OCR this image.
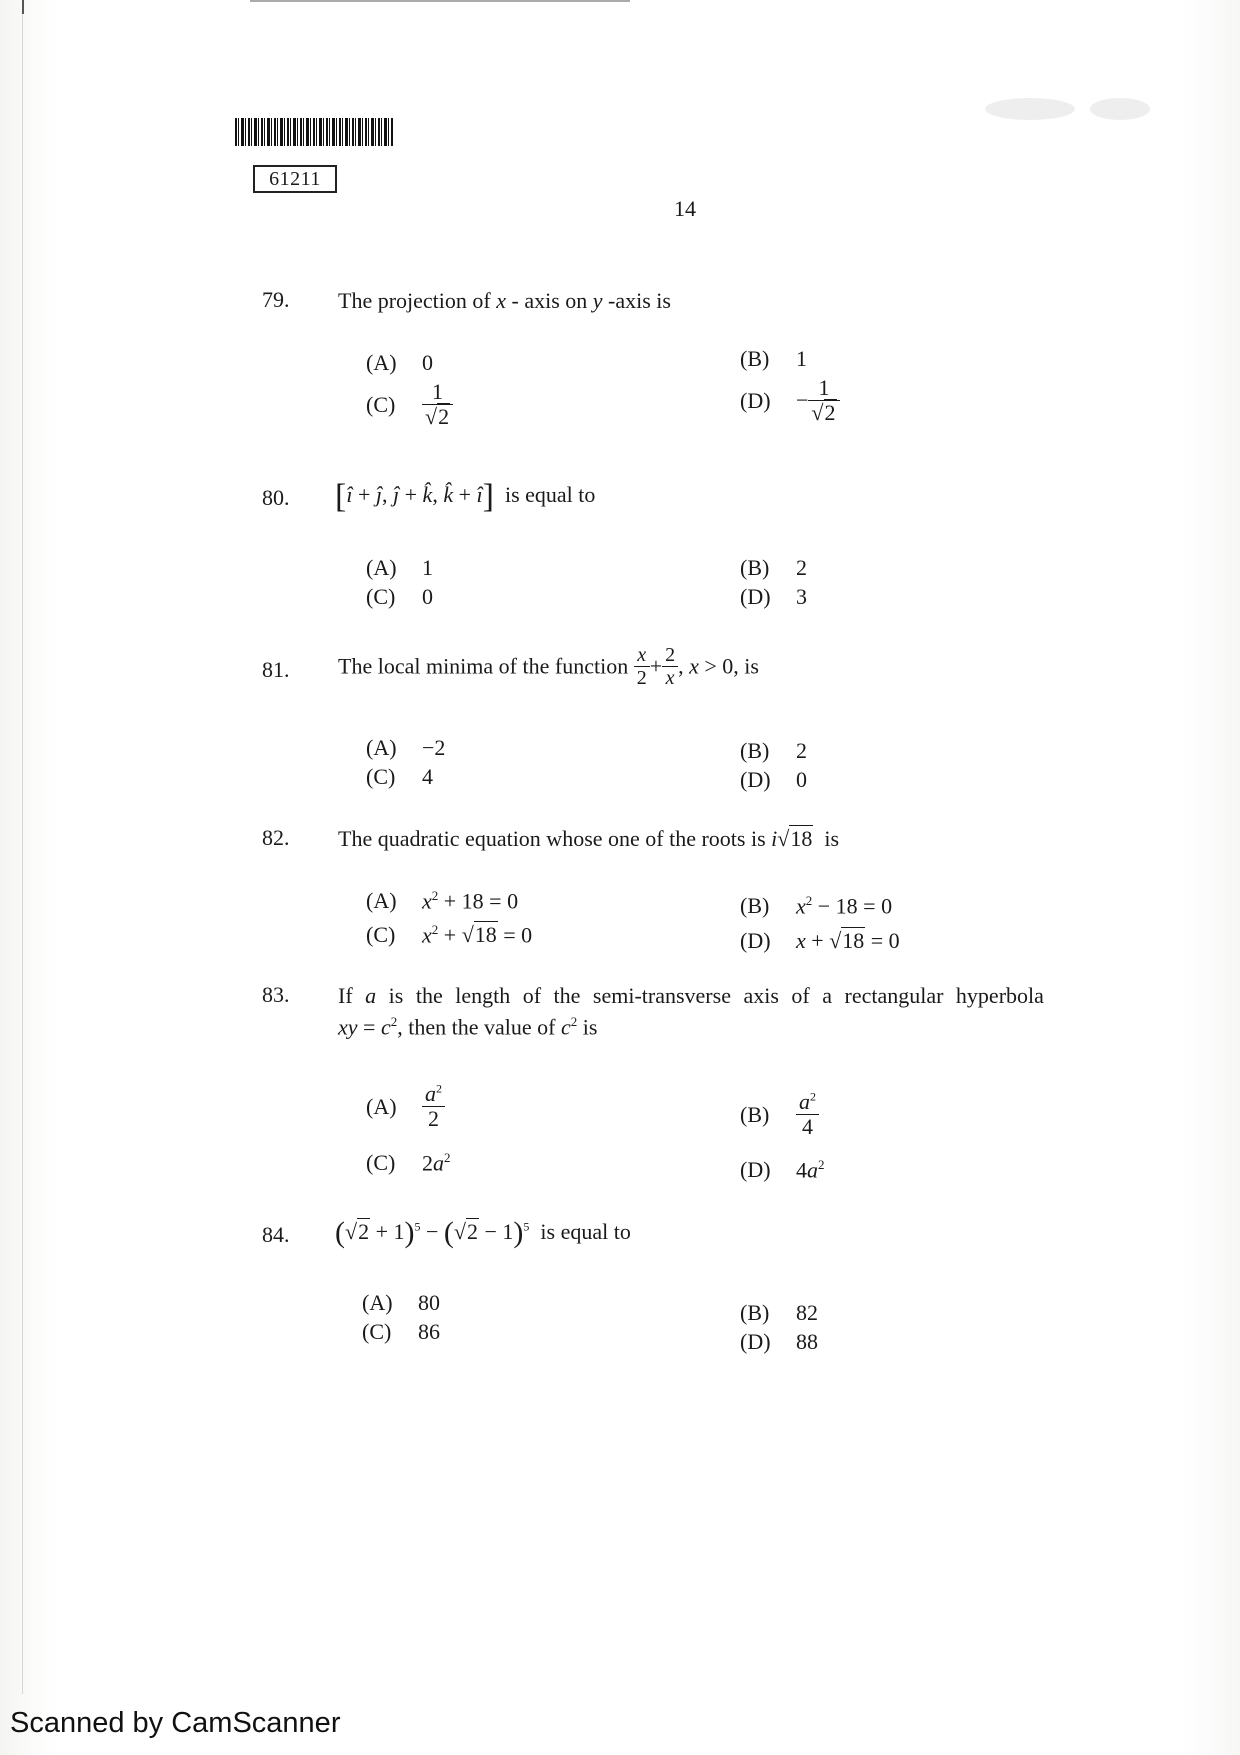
61211
14
79. The projection of x - axis on y -axis is
(A) 0	(B) 1
$(C) \frac{1}{√2}$	$(D) - \frac{1}{√2}$
80. [î + ĵ, ĵ + k̂, k̂ + î]  is equal to
(A) 1	(B) 2
(C) 0	(D) 3
81. The local minima of the function $\frac{x}{2} + \frac{2}{x}$ , x > 0, is
(A) −2	(B) 2
(C) 4	(D) 0
82. The quadratic equation whose one of the roots is i√18  is
(A) $x^2 + 18 = 0$	(B) $x^2 - 18 = 0$
(C) $x^2 + √18 = 0$	(D) x + √18 = 0
83. If a is the length of the semi-transverse axis of a rectangular hyperbola
xy = $c^2$, then the value of $c^2$ is
$(A) \frac{a^2}{2}$	$(B) \frac{a^2}{4}$
(C) $2a^2$	(D) $4a^2$
84. $(√2 + 1)^5 - (√2 - 1)^5$  is equal to
(A) 80	(B) 82
(C) 86	(D) 88
Scanned by CamScanner
